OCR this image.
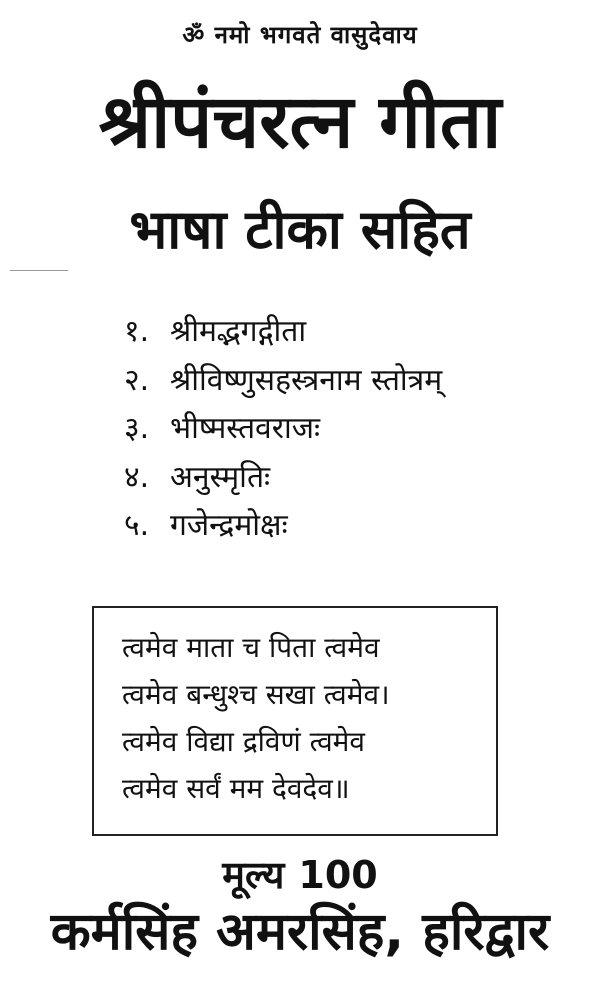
ॐ नमो भगवते वासुदेवाय
श्रीपंचरत्न गीता
भाषा टीका सहित
१. श्रीमद्भगद्गीता
२. श्रीविष्णुसहस्त्रनाम स्तोत्रम्
३. भीष्मस्तवराजः
४. अनुस्मृतिः
५. गजेन्द्रमोक्षः
त्वमेव माता च पिता त्वमेव
त्वमेव बन्धुश्च सखा त्वमेव।
त्वमेव विद्या द्रविणं त्वमेव
त्वमेव सर्वं मम देवदेव॥
मूल्य 100
कर्मसिंह अमरसिंह, हरिद्वार
